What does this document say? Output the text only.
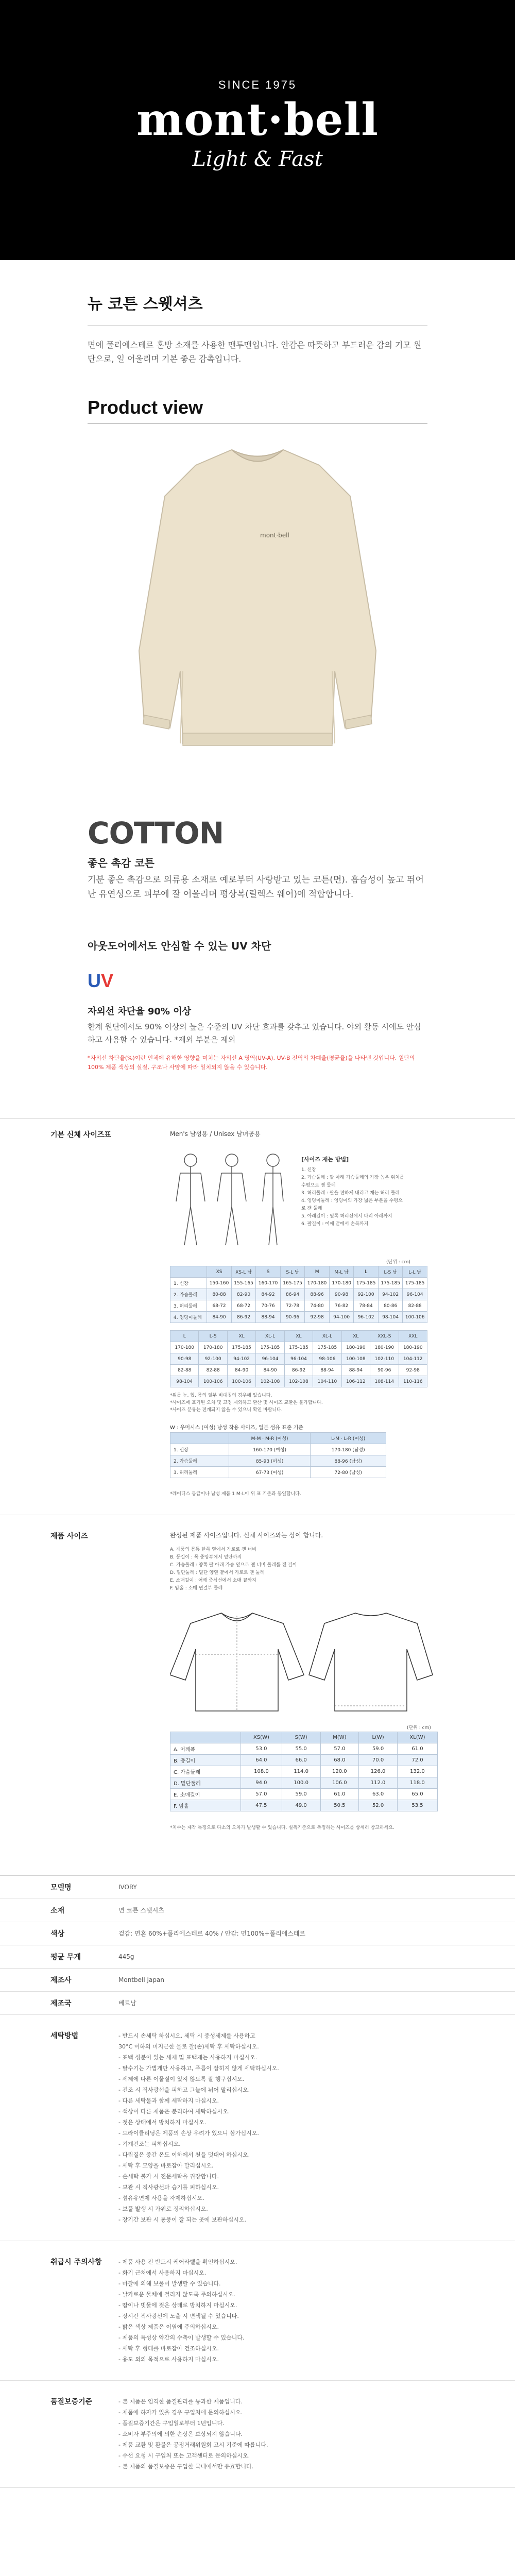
SINCE 1975
mont·bell
Light & Fast
뉴 코튼 스웻셔츠

면에 폴리에스테르 혼방 소재를 사용한 맨투맨입니다. 안감은 따뜻하고 부드러운 감의 기모 원단으로, 일 어울리며 기본 좋은 감촉입니다.

Product view
mont·bell
COTTON
좋은 촉감 코튼

기분 좋은 촉감으로 의류용 소재로 예로부터 사랑받고 있는 코튼(면). 흡습성이 높고 뛰어난 유연성으로 피부에 잘 어울리며 평상복(릴렉스 웨어)에 적합합니다.

아웃도어에서도 안심할 수 있는 UV 차단
U V
자외선 차단율 90% 이상

한계 원단에서도 90% 이상의 높은 수준의 UV 차단 효과를 갖추고 있습니다. 야외 활동 시에도 안심하고 사용할 수 있습니다. *제외 부분은 제외

*자외선 차단율(%)이란 인체에 유해한 영향을 미치는 자외선 A 영역(UV-A), UV-B 전역의 차폐율(평균율)을 나타낸 것입니다. 원단의 100% 제품 색상의 실질, 구조나 사양에 따라 일치되지 않을 수 있습니다.

기본 신체 사이즈표	Men's 남성용 / Unisex 남녀공용
[사이즈 재는 방법]
1. 신장
2. 가슴둘레 : 팔 아래 가슴둘레의 가장 높은 위치를 수평으로 잰 둘레
3. 허리둘레 : 팔을 편하게 내리고 재는 허리 둘레
4. 엉덩이둘레 : 엉덩이의 가장 넓은 부분을 수평으로 잰 둘레
5. 아래길이 : 옆쪽 허리선에서 다리 아래까지
6. 팔길이 : 어깨 끝에서 손목까지
(단위 : cm)
	XS	XS-L 남	S	S-L 남	M	M-L 남	L	L-S 남	L-L 남
1. 신장	150-160	155-165	160-170	165-175	170-180	170-180	175-185	175-185	175-185
2. 가슴둘레	80-88	82-90	84-92	86-94	88-96	90-98	92-100	94-102	96-104
3. 허리둘레	68-72	68-72	70-76	72-78	74-80	76-82	78-84	80-86	82-88
4. 엉덩이둘레	84-90	86-92	88-94	90-96	92-98	94-100	96-102	98-104	100-106
L	L-S	XL	XL-L	XL	XL-L	XL	XXL-S	XXL
170-180	170-180	175-185	175-185	175-185	175-185	180-190	180-190	180-190
90-98	92-100	94-102	96-104	96-104	98-106	100-108	102-110	104-112
82-88	82-88	84-90	84-90	86-92	88-94	88-94	90-96	92-98
98-104	100-106	100-106	102-108	102-108	104-110	106-112	108-114	110-116
*위를 눈, 힙, 몸의 일부 비대칭의 경우에 있습니다.
*사이즈에 표기된 오차 및 고정 제외하고 환산 및 사이즈 교환은 불가합니다.
*사이즈 분류는 전개되지 않을 수 있으니 확인 바랍니다.
W : 우머시스 (여성) 남성 착용 사이즈, 일본 섬유 표준 기준
	M-M · M-R (여성)	L-M · L-R (여성)
1. 신장	160-170 (여성)	170-180 (남성)
2. 가슴둘레	85-93 (여성)	88-96 (남성)
3. 허리둘레	67-73 (여성)	72-80 (남성)
*레이디스 등급이나 남성 제품 1 M-L이 위 표 기준과 동일합니다.
제품 사이즈	완성된 제품 사이즈입니다. 신체 사이즈와는 상이 합니다.
A. 제품의 몸통 한쪽 옆에서 가로로 잰 너비
B. 등길이 : 목 중앙부에서 밑단까지
C. 가슴둘레 : 양쪽 팔 아래 가슴 옆으로 잰 너비 둘레를 잰 길이
D. 밑단둘레 : 밑단 양옆 끝에서 가로로 잰 둘레
E. 소매길이 : 어깨 중심선에서 소매 끝까지
F. 암홀 : 소매 연결부 둘레
(단위 : cm)
	XS(W)	S(W)	M(W)	L(W)	XL(W)
A. 어깨폭	53.0	55.0	57.0	59.0	61.0
B. 총길이	64.0	66.0	68.0	70.0	72.0
C. 가슴둘레	108.0	114.0	120.0	126.0	132.0
D. 밑단둘레	94.0	100.0	106.0	112.0	118.0
E. 소매길이	57.0	59.0	61.0	63.0	65.0
F. 암홀	47.5	49.0	50.5	52.0	53.5
*치수는 제작 특징으로 다소의 오차가 발생할 수 있습니다. 실측기준으로 측정하는 사이즈를 상세히 참고하세요.
모델명	IVORY
소재	면 코튼 스웻셔츠
색상	겉감: 면혼 60%+폴리에스테르 40% / 안감: 면100%+폴리에스테르
평균 무게	445g
제조사	Montbell Japan
제조국	베트남
세탁방법	- 반드시 손세탁 하십시오. 세탁 시 중성세제를 사용하고
30°C 이하의 미지근한 물로 찰(손)세탁 후 세탁하십시오.
- 표백 성분이 있는 세제 및 표백제는 사용하지 마십시오.
- 탈수기는 가볍게만 사용하고, 주름이 잡히지 않게 세탁하십시오.
- 세제에 다른 이물질이 있지 않도록 잘 헹구십시오.
- 건조 시 직사광선을 피하고 그늘에 뉘어 말리십시오.
- 다른 세탁물과 함께 세탁하지 마십시오.
- 색상이 다른 제품은 분리하여 세탁하십시오.
- 젖은 상태에서 방치하지 마십시오.
- 드라이클리닝은 제품의 손상 우려가 있으니 삼가십시오.
- 기계건조는 피하십시오.
- 다림질은 중간 온도 이하에서 천을 덧대어 하십시오.
- 세탁 후 모양을 바로잡아 말리십시오.
- 손세탁 불가 시 전문세탁을 권장합니다.
- 보관 시 직사광선과 습기를 피하십시오.
- 섬유유연제 사용을 자제하십시오.
- 보풀 발생 시 가위로 정리하십시오.
- 장기간 보관 시 통풍이 잘 되는 곳에 보관하십시오.
취급시 주의사항	- 제품 사용 전 반드시 케어라벨을 확인하십시오.
- 화기 근처에서 사용하지 마십시오.
- 마찰에 의해 보풀이 발생할 수 있습니다.
- 날카로운 물체에 걸리지 않도록 주의하십시오.
- 땀이나 빗물에 젖은 상태로 방치하지 마십시오.
- 장시간 직사광선에 노출 시 변색될 수 있습니다.
- 밝은 색상 제품은 이염에 주의하십시오.
- 제품의 특성상 약간의 수축이 발생할 수 있습니다.
- 세탁 후 형태를 바로잡아 건조하십시오.
- 용도 외의 목적으로 사용하지 마십시오.
품질보증기준	- 본 제품은 엄격한 품질관리를 통과한 제품입니다.
- 제품에 하자가 있을 경우 구입처에 문의하십시오.
- 품질보증기간은 구입일로부터 1년입니다.
- 소비자 부주의에 의한 손상은 보상되지 않습니다.
- 제품 교환 및 환불은 공정거래위원회 고시 기준에 따릅니다.
- 수선 요청 시 구입처 또는 고객센터로 문의하십시오.
- 본 제품의 품질보증은 구입한 국내에서만 유효합니다.
